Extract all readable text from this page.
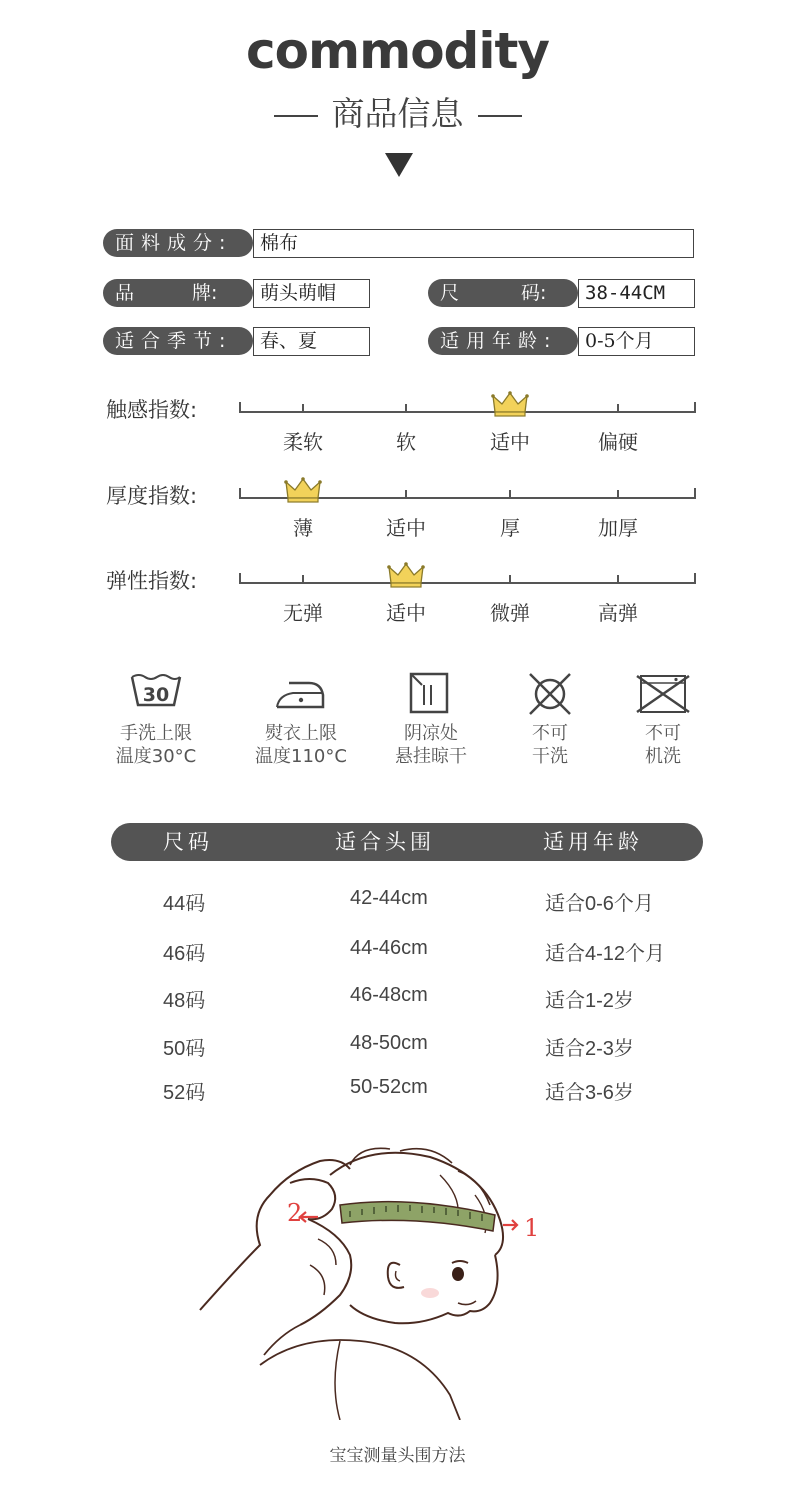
commodity
商品信息
面料成分:	棉布
品	牌:	萌头萌帽	尺	码:	38-44CM
适合季节:	春、夏	适用年龄:	0-5个月
触感指数:
柔软	软	适中	偏硬
厚度指数:
薄	适中	厚	加厚
弹性指数:
无弹	适中	微弹	高弹
30
手洗上限
温度30°C
熨衣上限
温度110°C
阴凉处
悬挂晾干
不可
干洗
不可
机洗
尺码	适合头围	适用年龄
44码	42-44cm	适合0-6个月
46码	44-46cm	适合4-12个月
48码	46-48cm	适合1-2岁
50码	48-50cm	适合2-3岁
52码	50-52cm	适合3-6岁
2
1
宝宝测量头围方法
